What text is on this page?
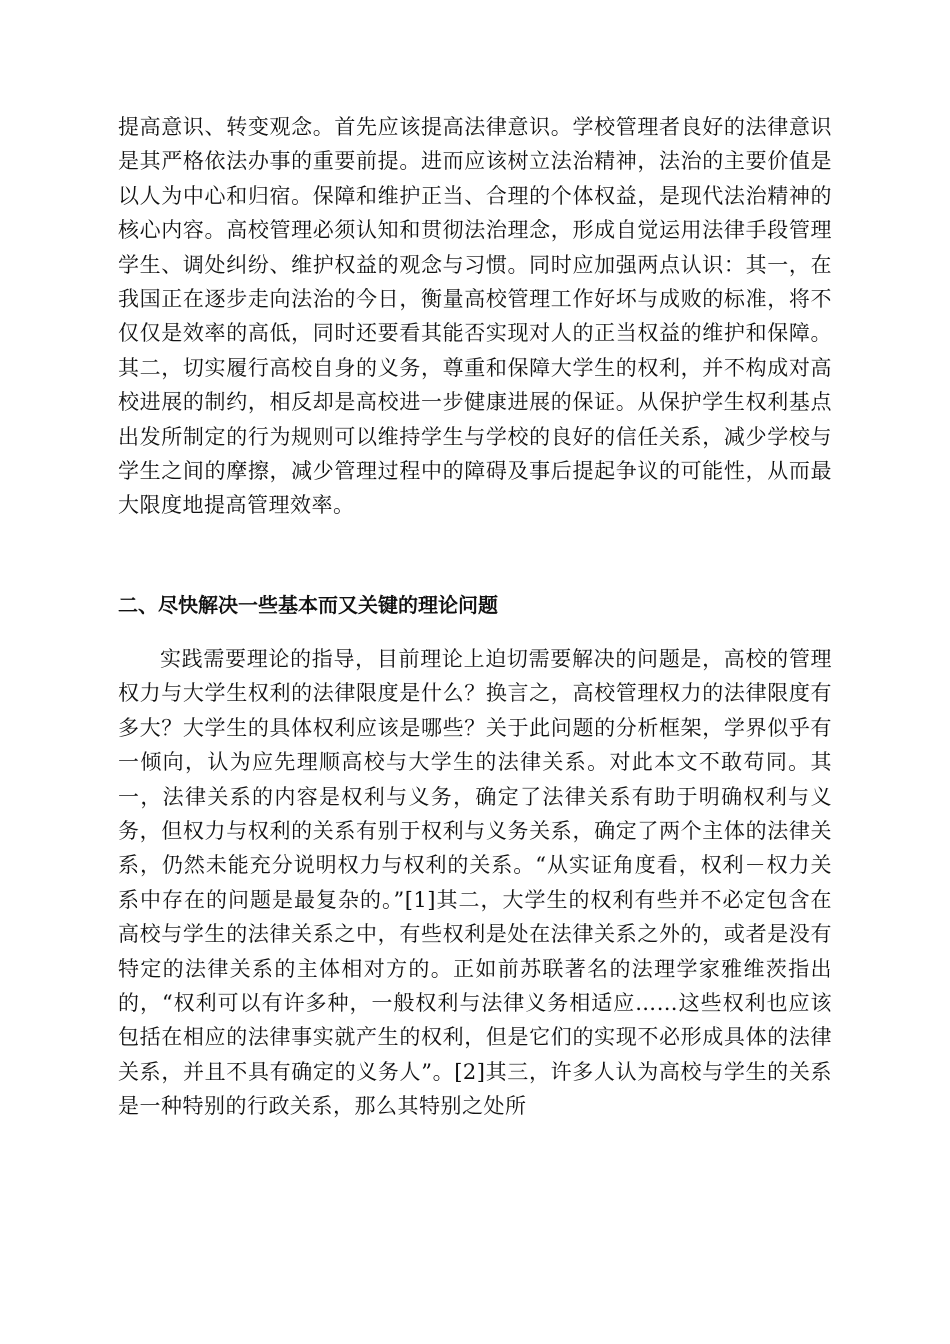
提高意识、转变观念。首先应该提高法律意识。学校管理者良好的法律意识是其严格依法办事的重要前提。进而应该树立法治精神，法治的主要价值是以人为中心和归宿。保障和维护正当、合理的个体权益，是现代法治精神的核心内容。高校管理必须认知和贯彻法治理念，形成自觉运用法律手段管理学生、调处纠纷、维护权益的观念与习惯。同时应加强两点认识：其一，在我国正在逐步走向法治的今日，衡量高校管理工作好坏与成败的标准，将不仅仅是效率的高低，同时还要看其能否实现对人的正当权益的维护和保障。其二，切实履行高校自身的义务，尊重和保障大学生的权利，并不构成对高校进展的制约，相反却是高校进一步健康进展的保证。从保护学生权利基点出发所制定的行为规则可以维持学生与学校的良好的信任关系，减少学校与学生之间的摩擦，减少管理过程中的障碍及事后提起争议的可能性，从而最大限度地提高管理效率。

二、尽快解决一些基本而又关键的理论问题

实践需要理论的指导，目前理论上迫切需要解决的问题是，高校的管理权力与大学生权利的法律限度是什么？换言之，高校管理权力的法律限度有多大？大学生的具体权利应该是哪些？关于此问题的分析框架，学界似乎有一倾向，认为应先理顺高校与大学生的法律关系。对此本文不敢苟同。其一，法律关系的内容是权利与义务，确定了法律关系有助于明确权利与义务，但权力与权利的关系有别于权利与义务关系，确定了两个主体的法律关系，仍然未能充分说明权力与权利的关系。“从实证角度看，权利－权力关系中存在的问题是最复杂的。”[1]其二，大学生的权利有些并不必定包含在高校与学生的法律关系之中，有些权利是处在法律关系之外的，或者是没有特定的法律关系的主体相对方的。正如前苏联著名的法理学家雅维茨指出的，“权利可以有许多种，一般权利与法律义务相适应……这些权利也应该包括在相应的法律事实就产生的权利，但是它们的实现不必形成具体的法律关系，并且不具有确定的义务人”。[2]其三，许多人认为高校与学生的关系是一种特别的行政关系，那么其特别之处所
